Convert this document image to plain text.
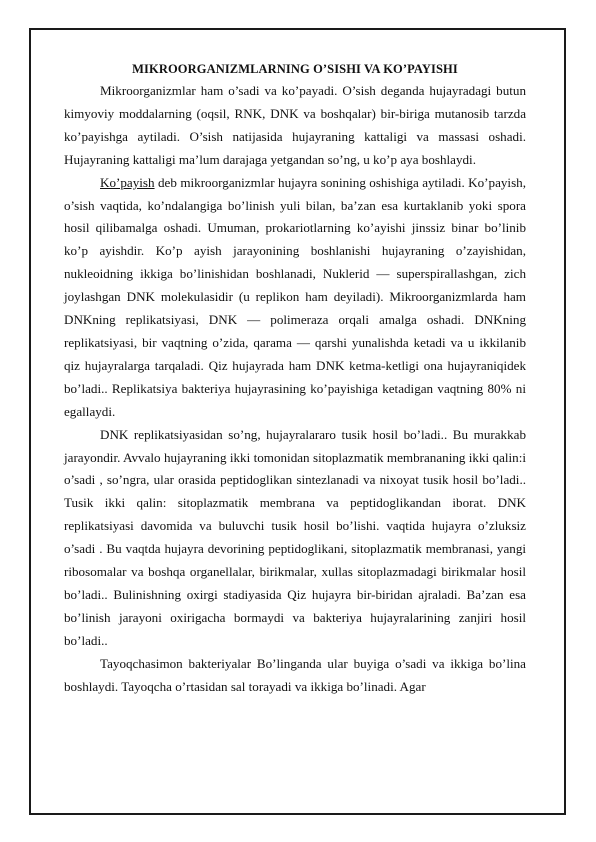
MIKROORGANIZMLARNING O’SISHI VA KO’PAYISHI

Mikroorganizmlar ham o’sadi va ko’payadi. O’sish deganda hujayradagi butun kimyoviy moddalarning (oqsil, RNK, DNK va boshqalar) bir-biriga mutanosib tarzda ko’payishga aytiladi. O’sish natijasida hujayraning kattaligi va massasi oshadi. Hujayraning kattaligi ma’lum darajaga yetgandan so’ng, u ko’p aya boshlaydi.

Ko’payish deb mikroorganizmlar hujayra sonining oshishiga aytiladi. Ko’payish, o’sish vaqtida, ko’ndalangiga bo’linish yuli bilan, ba’zan esa kurtaklanib yoki spora hosil qilibamalga oshadi. Umuman, prokariotlarning ko’ayishi jinssiz binar bo’linib ko’p ayishdir. Ko’p ayish jarayonining boshlanishi hujayraning o’zayishidan, nukleoidning ikkiga bo’linishidan boshlanadi, Nuklerid — superspirallashgan, zich joylashgan DNK molekulasidir (u replikon ham deyiladi). Mikroorganizmlarda ham DNKning replikatsiyasi, DNK — polimeraza orqali amalga oshadi. DNKning replikatsiyasi, bir vaqtning o’zida, qarama — qarshi yunalishda ketadi va u ikkilanib qiz hujayralarga tarqaladi. Qiz hujayrada ham DNK ketma-ketligi ona hujayraniqidek bo’ladi.. Replikatsiya bakteriya hujayrasining ko’payishiga ketadigan vaqtning 80% ni egallaydi.

DNK replikatsiyasidan so’ng, hujayralararo tusik hosil bo’ladi.. Bu murakkab jarayondir. Avvalo hujayraning ikki tomonidan sitoplazmatik membrananing ikki qalin:i o’sadi , so’ngra, ular orasida peptidoglikan sintezlanadi va nixoyat tusik hosil bo’ladi.. Tusik ikki qalin: sitoplazmatik membrana va peptidoglikandan iborat. DNK replikatsiyasi davomida va buluvchi tusik hosil bo’lishi. vaqtida hujayra o’zluksiz o’sadi . Bu vaqtda hujayra devorining peptidoglikani, sitoplazmatik membranasi, yangi ribosomalar va boshqa organellalar, birikmalar, xullas sitoplazmadagi birikmalar hosil bo’ladi.. Bulinishning oxirgi stadiyasida Qiz hujayra bir-biridan ajraladi. Ba’zan esa bo’linish jarayoni oxirigacha bormaydi va bakteriya hujayralarining zanjiri hosil bo’ladi..

Tayoqchasimon bakteriyalar Bo’linganda ular buyiga o’sadi va ikkiga bo’lina boshlaydi. Tayoqcha o’rtasidan sal torayadi va ikkiga bo’linadi. Agar
